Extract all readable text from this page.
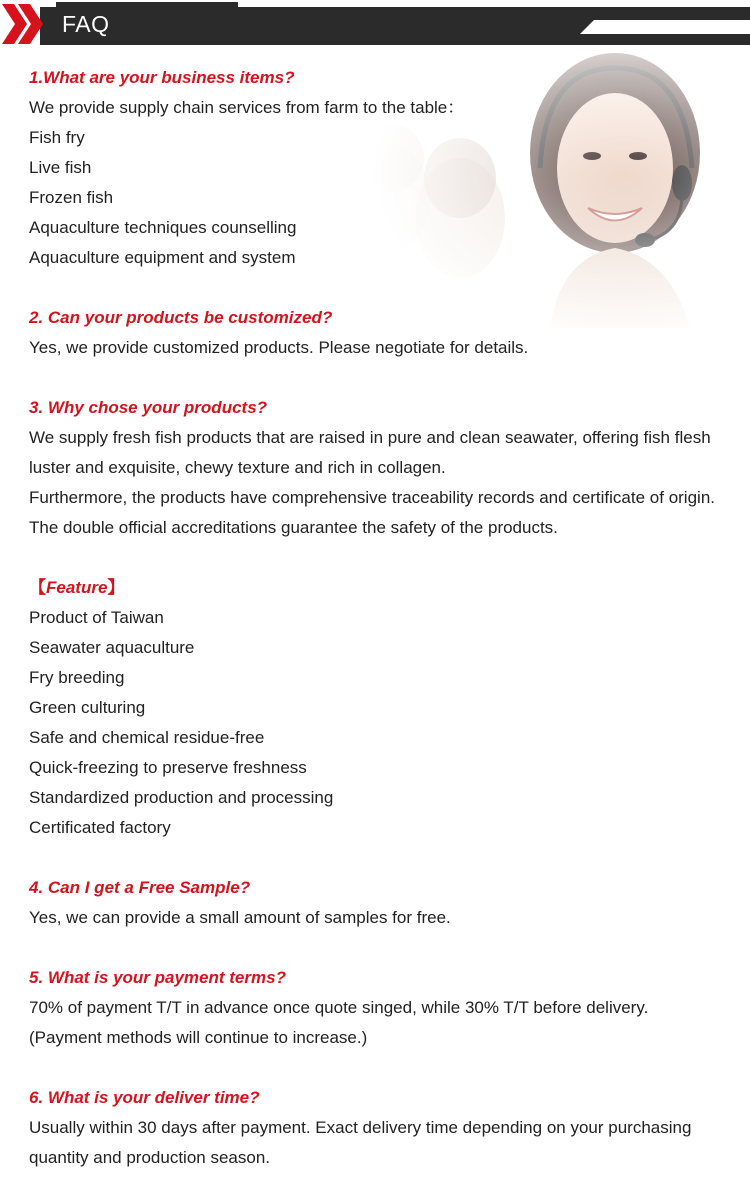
FAQ
1.What are your business items?
We provide supply chain services from farm to the table：
Fish fry
Live fish
Frozen fish
Aquaculture techniques counselling
Aquaculture equipment and system
2. Can your products be customized?
Yes, we provide customized products. Please negotiate for details.
3. Why chose your products?
We supply fresh fish products that are raised in pure and clean seawater, offering fish flesh luster and exquisite, chewy texture and rich in collagen.
Furthermore, the products have comprehensive traceability records and certificate of origin. The double official accreditations guarantee the safety of the products.
【Feature】
Product of Taiwan
Seawater aquaculture
Fry breeding
Green culturing
Safe and chemical residue-free
Quick-freezing to preserve freshness
Standardized production and processing
Certificated factory
4. Can I get a Free Sample?
Yes, we can provide a small amount of samples for free.
5. What is your payment terms?
70% of payment T/T in advance once quote singed, while 30% T/T before delivery.
(Payment methods will continue to increase.)
6. What is your deliver time?
Usually within 30 days after payment. Exact delivery time depending on your purchasing quantity and production season.
